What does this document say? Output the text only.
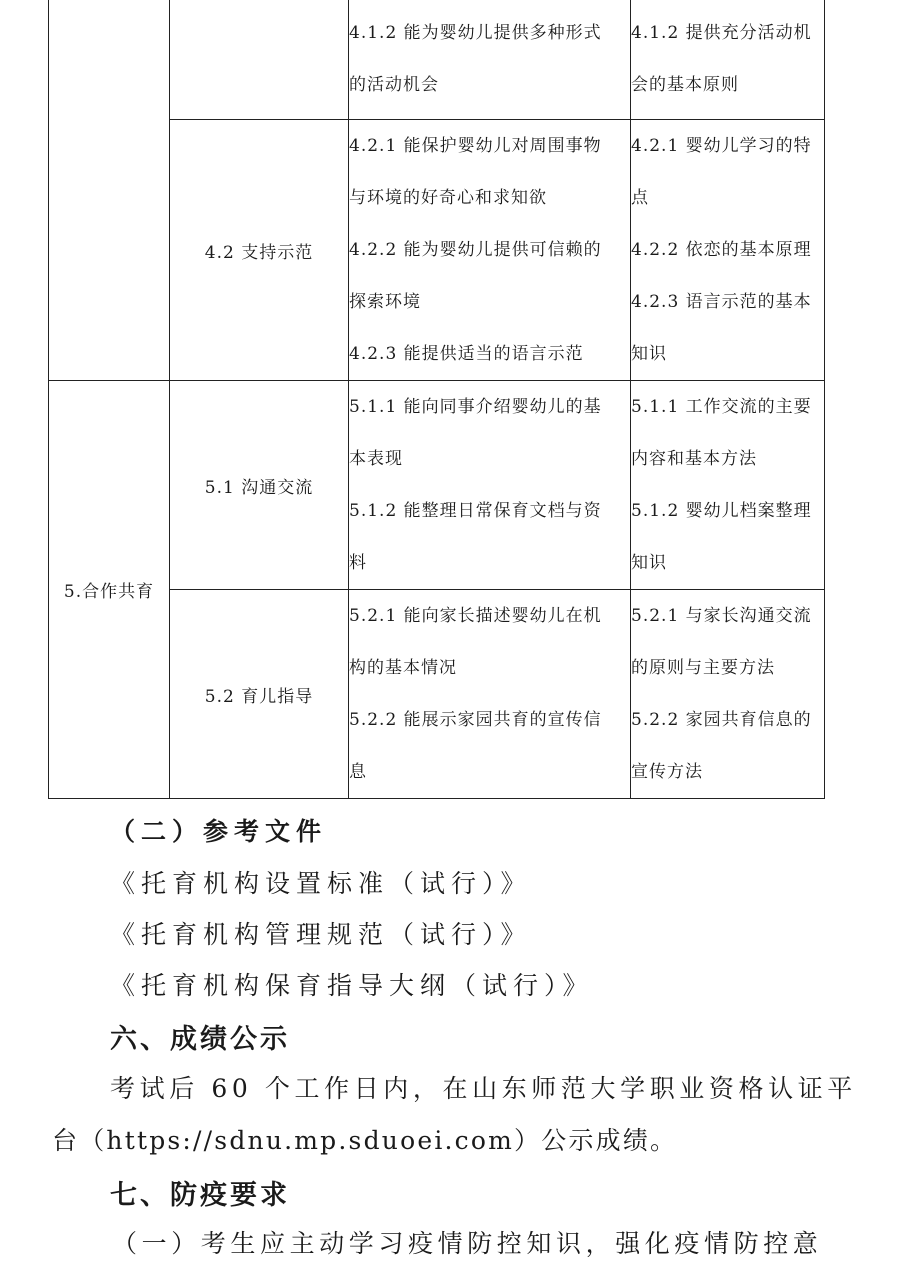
		4.1.2 能为婴幼儿提供多种形式
的活动机会	4.1.2 提供充分活动机
会的基本原则

	4.2 支持示范	4.2.1 能保护婴幼儿对周围事物
与环境的好奇心和求知欲
4.2.2 能为婴幼儿提供可信赖的
探索环境
4.2.3 能提供适当的语言示范	4.2.1 婴幼儿学习的特
点
4.2.2 依恋的基本原理
4.2.3 语言示范的基本
知识

5.合作共育	5.1 沟通交流	5.1.1 能向同事介绍婴幼儿的基
本表现
5.1.2 能整理日常保育文档与资
料	5.1.1 工作交流的主要
内容和基本方法
5.1.2 婴幼儿档案整理
知识

	5.2 育儿指导	5.2.1 能向家长描述婴幼儿在机
构的基本情况
5.2.2 能展示家园共育的宣传信
息	5.2.1 与家长沟通交流
的原则与主要方法
5.2.2 家园共育信息的
宣传方法
（二）参考文件
《托育机构设置标准（试行）》
《托育机构管理规范（试行）》
《托育机构保育指导大纲（试行）》
六、成绩公示
考试后 60 个工作日内，在山东师范大学职业资格认证平
台（https://sdnu.mp.sduoei.com）公示成绩。
七、防疫要求
（一）考生应主动学习疫情防控知识，强化疫情防控意
